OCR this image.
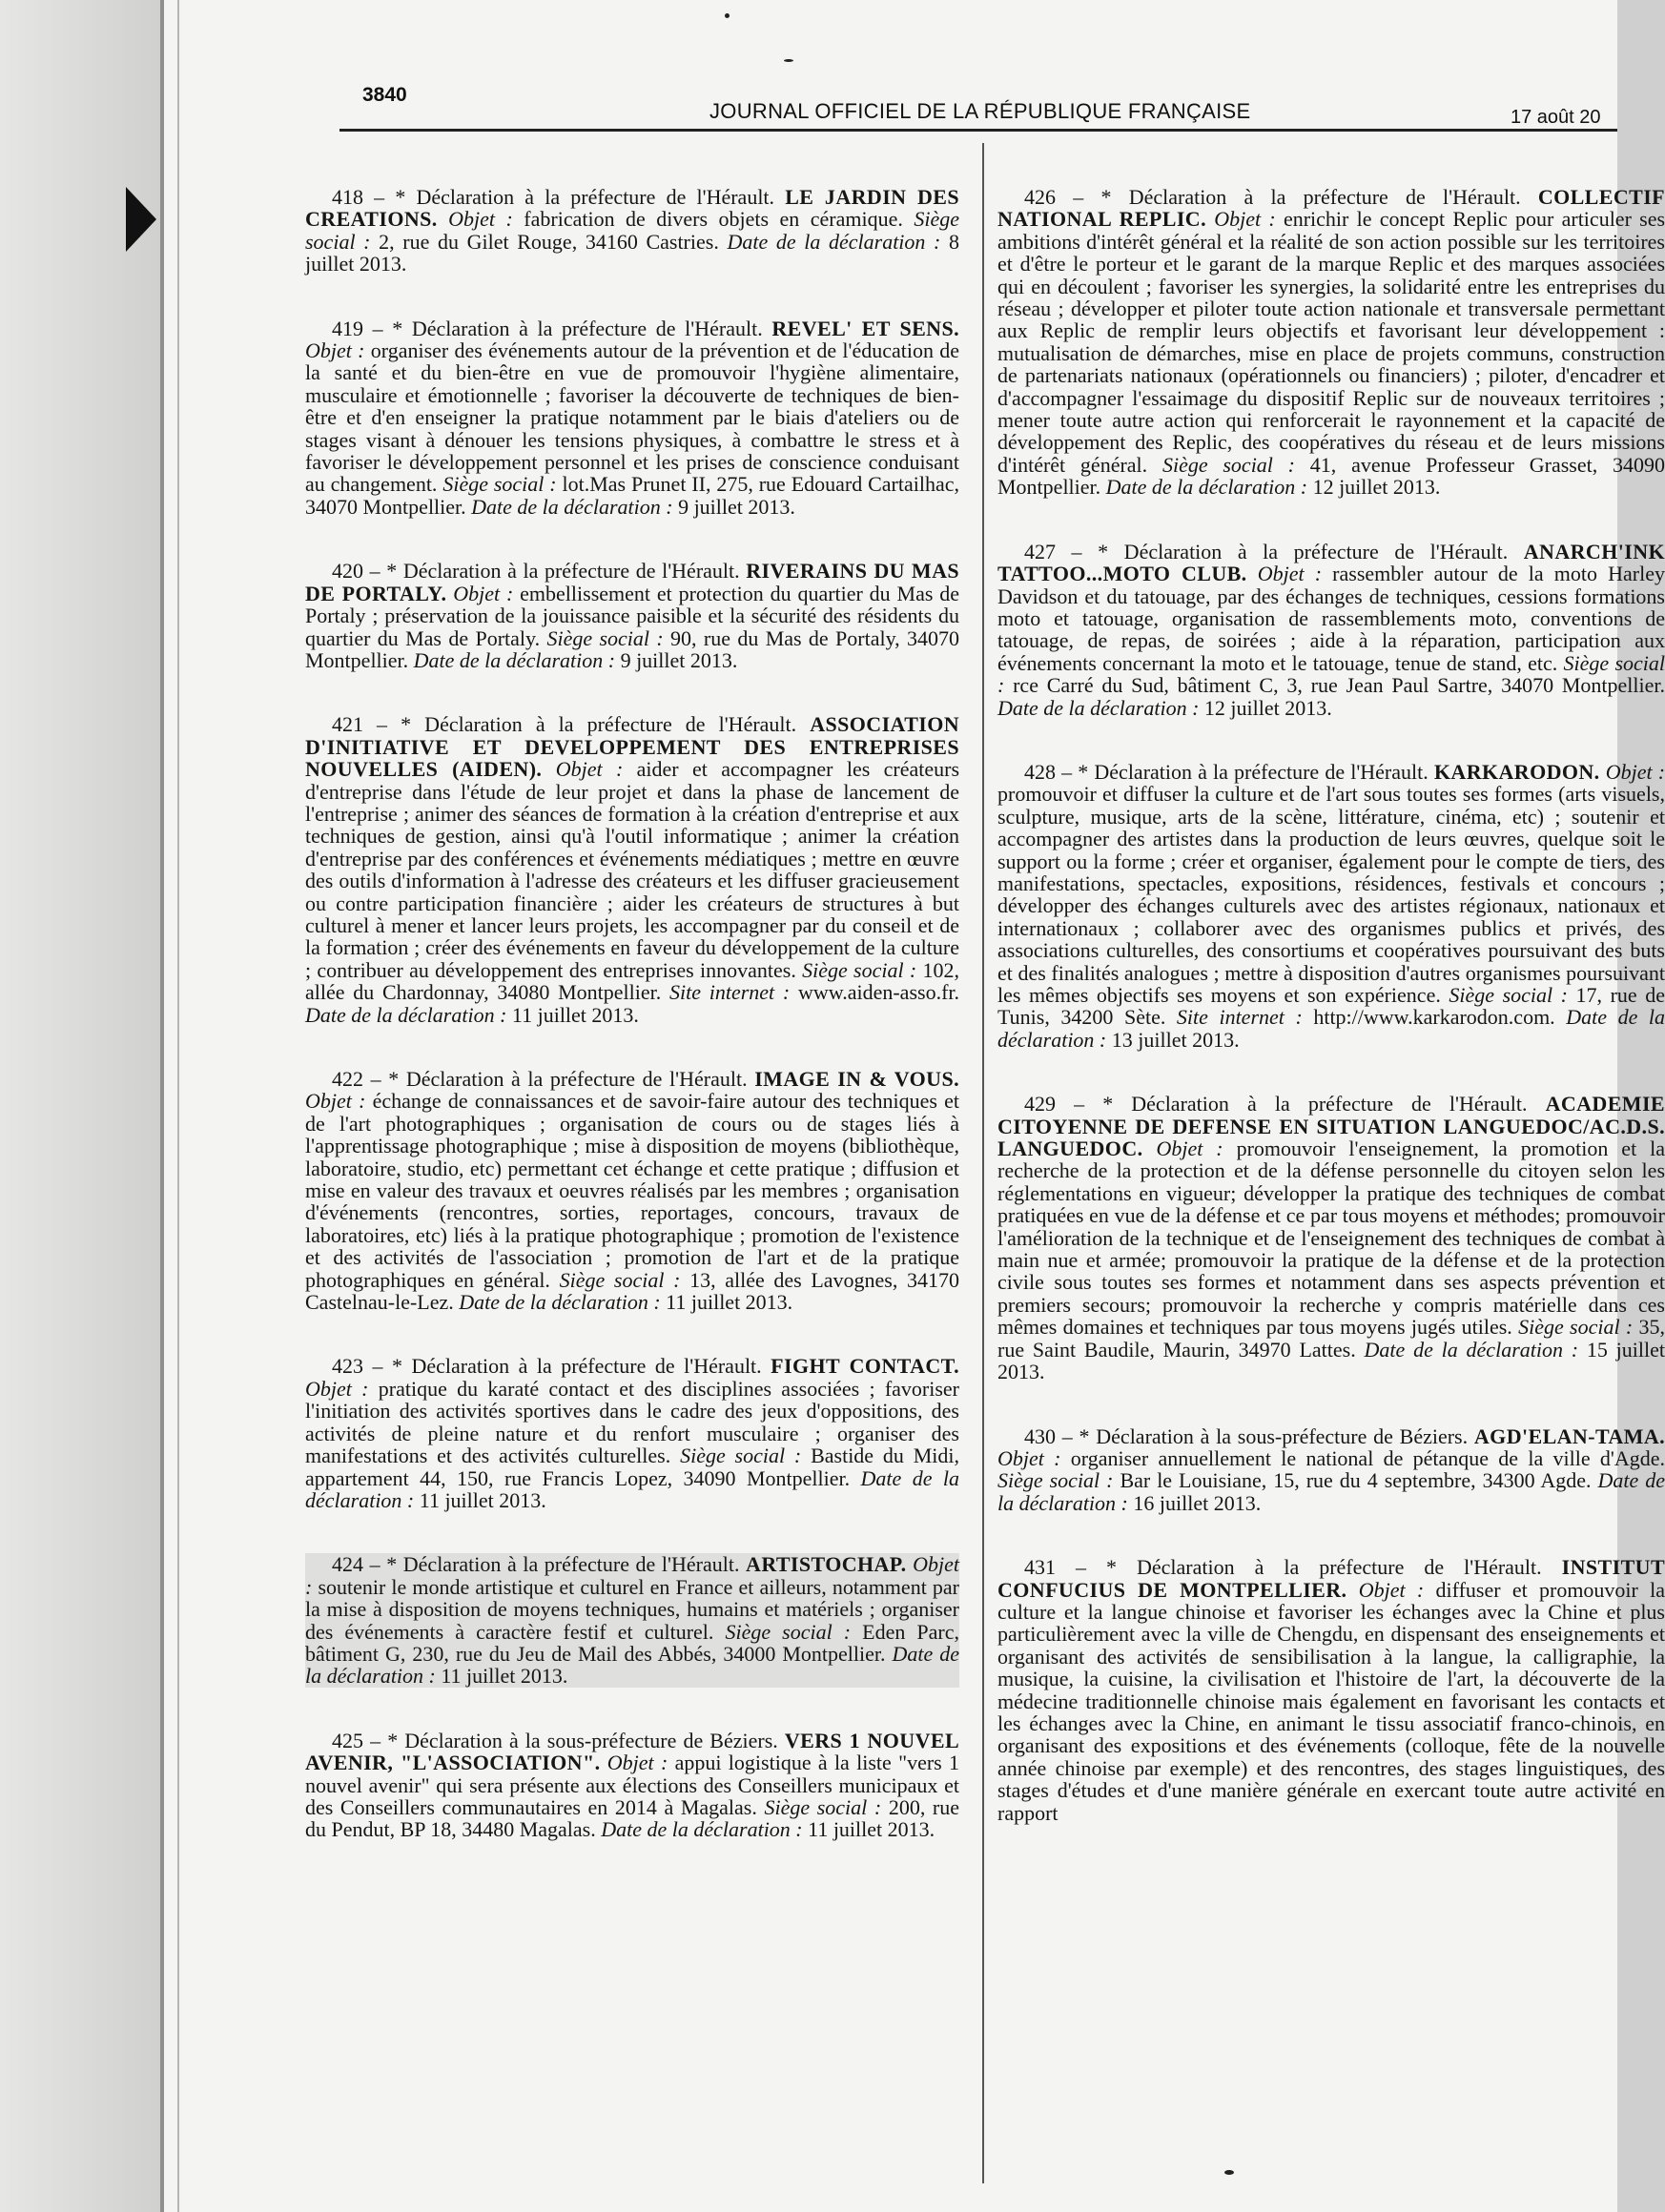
3840
JOURNAL OFFICIEL DE LA RÉPUBLIQUE FRANÇAISE	17 août 20

418 – * Déclaration à la préfecture de l'Hérault. LE JARDIN DES CREATIONS. Objet : fabrication de divers objets en céramique. Siège social : 2, rue du Gilet Rouge, 34160 Castries. Date de la déclaration : 8 juillet 2013.

419 – * Déclaration à la préfecture de l'Hérault. REVEL' ET SENS. Objet : organiser des événements autour de la prévention et de l'éducation de la santé et du bien-être en vue de promouvoir l'hygiène alimentaire, musculaire et émotionnelle ; favoriser la découverte de techniques de bien-être et d'en enseigner la pratique notamment par le biais d'ateliers ou de stages visant à dénouer les tensions physiques, à combattre le stress et à favoriser le développement personnel et les prises de conscience conduisant au changement. Siège social : lot.Mas Prunet II, 275, rue Edouard Cartailhac, 34070 Montpellier. Date de la déclaration : 9 juillet 2013.

420 – * Déclaration à la préfecture de l'Hérault. RIVERAINS DU MAS DE PORTALY. Objet : embellissement et protection du quartier du Mas de Portaly ; préservation de la jouissance paisible et la sécurité des résidents du quartier du Mas de Portaly. Siège social : 90, rue du Mas de Portaly, 34070 Montpellier. Date de la déclaration : 9 juillet 2013.

421 – * Déclaration à la préfecture de l'Hérault. ASSOCIATION D'INITIATIVE ET DEVELOPPEMENT DES ENTREPRISES NOUVELLES (AIDEN). Objet : aider et accompagner les créateurs d'entreprise dans l'étude de leur projet et dans la phase de lancement de l'entreprise ; animer des séances de formation à la création d'entreprise et aux techniques de gestion, ainsi qu'à l'outil informatique ; animer la création d'entreprise par des conférences et événements médiatiques ; mettre en œuvre des outils d'information à l'adresse des créateurs et les diffuser gracieusement ou contre participation financière ; aider les créateurs de structures à but culturel à mener et lancer leurs projets, les accompagner par du conseil et de la formation ; créer des événements en faveur du développement de la culture ; contribuer au développement des entreprises innovantes. Siège social : 102, allée du Chardonnay, 34080 Montpellier. Site internet : www.aiden-asso.fr. Date de la déclaration : 11 juillet 2013.

422 – * Déclaration à la préfecture de l'Hérault. IMAGE IN & VOUS. Objet : échange de connaissances et de savoir-faire autour des techniques et de l'art photographiques ; organisation de cours ou de stages liés à l'apprentissage photographique ; mise à disposition de moyens (bibliothèque, laboratoire, studio, etc) permettant cet échange et cette pratique ; diffusion et mise en valeur des travaux et oeuvres réalisés par les membres ; organisation d'événements (rencontres, sorties, reportages, concours, travaux de laboratoires, etc) liés à la pratique photographique ; promotion de l'existence et des activités de l'association ; promotion de l'art et de la pratique photographiques en général. Siège social : 13, allée des Lavognes, 34170 Castelnau-le-Lez. Date de la déclaration : 11 juillet 2013.

423 – * Déclaration à la préfecture de l'Hérault. FIGHT CONTACT. Objet : pratique du karaté contact et des disciplines associées ; favoriser l'initiation des activités sportives dans le cadre des jeux d'oppositions, des activités de pleine nature et du renfort musculaire ; organiser des manifestations et des activités culturelles. Siège social : Bastide du Midi, appartement 44, 150, rue Francis Lopez, 34090 Montpellier. Date de la déclaration : 11 juillet 2013.

424 – * Déclaration à la préfecture de l'Hérault. ARTISTOCHAP. Objet : soutenir le monde artistique et culturel en France et ailleurs, notamment par la mise à disposition de moyens techniques, humains et matériels ; organiser des événements à caractère festif et culturel. Siège social : Eden Parc, bâtiment G, 230, rue du Jeu de Mail des Abbés, 34000 Montpellier. Date de la déclaration : 11 juillet 2013.

425 – * Déclaration à la sous-préfecture de Béziers. VERS 1 NOUVEL AVENIR, "L'ASSOCIATION". Objet : appui logistique à la liste "vers 1 nouvel avenir" qui sera présente aux élections des Conseillers municipaux et des Conseillers communautaires en 2014 à Magalas. Siège social : 200, rue du Pendut, BP 18, 34480 Magalas. Date de la déclaration : 11 juillet 2013.

426 – * Déclaration à la préfecture de l'Hérault. COLLECTIF NATIONAL REPLIC. Objet : enrichir le concept Replic pour articuler ses ambitions d'intérêt général et la réalité de son action possible sur les territoires et d'être le porteur et le garant de la marque Replic et des marques associées qui en découlent ; favoriser les synergies, la solidarité entre les entreprises du réseau ; développer et piloter toute action nationale et transversale permettant aux Replic de remplir leurs objectifs et favorisant leur développement : mutualisation de démarches, mise en place de projets communs, construction de partenariats nationaux (opérationnels ou financiers) ; piloter, d'encadrer et d'accompagner l'essaimage du dispositif Replic sur de nouveaux territoires ; mener toute autre action qui renforcerait le rayonnement et la capacité de développement des Replic, des coopératives du réseau et de leurs missions d'intérêt général. Siège social : 41, avenue Professeur Grasset, 34090 Montpellier. Date de la déclaration : 12 juillet 2013.

427 – * Déclaration à la préfecture de l'Hérault. ANARCH'INK TATTOO...MOTO CLUB. Objet : rassembler autour de la moto Harley Davidson et du tatouage, par des échanges de techniques, cessions formations moto et tatouage, organisation de rassemblements moto, conventions de tatouage, de repas, de soirées ; aide à la réparation, participation aux événements concernant la moto et le tatouage, tenue de stand, etc. Siège social : rce Carré du Sud, bâtiment C, 3, rue Jean Paul Sartre, 34070 Montpellier. Date de la déclaration : 12 juillet 2013.

428 – * Déclaration à la préfecture de l'Hérault. KARKARODON. Objet : promouvoir et diffuser la culture et de l'art sous toutes ses formes (arts visuels, sculpture, musique, arts de la scène, littérature, cinéma, etc) ; soutenir et accompagner des artistes dans la production de leurs œuvres, quelque soit le support ou la forme ; créer et organiser, également pour le compte de tiers, des manifestations, spectacles, expositions, résidences, festivals et concours ; développer des échanges culturels avec des artistes régionaux, nationaux et internationaux ; collaborer avec des organismes publics et privés, des associations culturelles, des consortiums et coopératives poursuivant des buts et des finalités analogues ; mettre à disposition d'autres organismes poursuivant les mêmes objectifs ses moyens et son expérience. Siège social : 17, rue de Tunis, 34200 Sète. Site internet : http://www.karkarodon.com. Date de la déclaration : 13 juillet 2013.

429 – * Déclaration à la préfecture de l'Hérault. ACADEMIE CITOYENNE DE DEFENSE EN SITUATION LANGUEDOC/AC.D.S. LANGUEDOC. Objet : promouvoir l'enseignement, la promotion et la recherche de la protection et de la défense personnelle du citoyen selon les réglementations en vigueur; développer la pratique des techniques de combat pratiquées en vue de la défense et ce par tous moyens et méthodes; promouvoir l'amélioration de la technique et de l'enseignement des techniques de combat à main nue et armée; promouvoir la pratique de la défense et de la protection civile sous toutes ses formes et notamment dans ses aspects prévention et premiers secours; promouvoir la recherche y compris matérielle dans ces mêmes domaines et techniques par tous moyens jugés utiles. Siège social : 35, rue Saint Baudile, Maurin, 34970 Lattes. Date de la déclaration : 15 juillet 2013.

430 – * Déclaration à la sous-préfecture de Béziers. AGD'ELAN-TAMA. Objet : organiser annuellement le national de pétanque de la ville d'Agde. Siège social : Bar le Louisiane, 15, rue du 4 septembre, 34300 Agde. Date de la déclaration : 16 juillet 2013.

431 – * Déclaration à la préfecture de l'Hérault. INSTITUT CONFUCIUS DE MONTPELLIER. Objet : diffuser et promouvoir la culture et la langue chinoise et favoriser les échanges avec la Chine et plus particulièrement avec la ville de Chengdu, en dispensant des enseignements et organisant des activités de sensibilisation à la langue, la calligraphie, la musique, la cuisine, la civilisation et l'histoire de l'art, la découverte de la médecine traditionnelle chinoise mais également en favorisant les contacts et les échanges avec la Chine, en animant le tissu associatif franco-chinois, en organisant des expositions et des événements (colloque, fête de la nouvelle année chinoise par exemple) et des rencontres, des stages linguistiques, des stages d'études et d'une manière générale en exercant toute autre activité en rapport
